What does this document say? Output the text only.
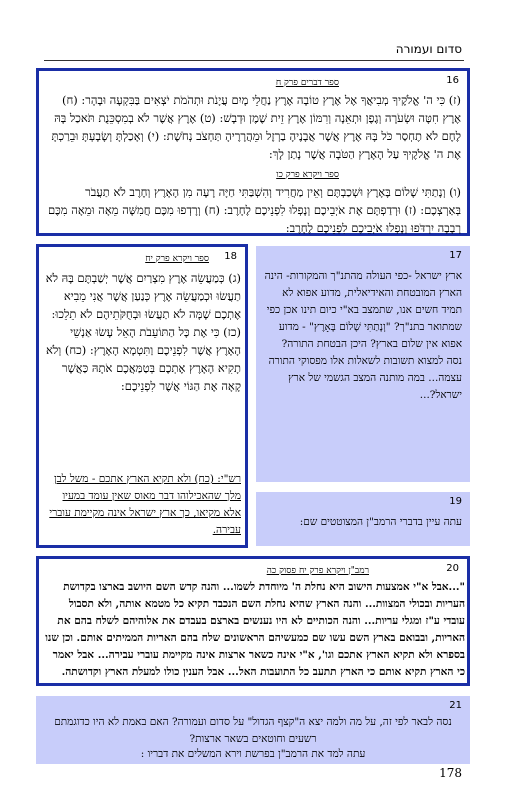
סדום ועמורה
16
ספר דברים פרק ח
(ז) כִּי ה' אֱלֹקֶיךָ מְבִיאֲךָ אֶל אֶרֶץ טוֹבָה אֶרֶץ נַחֲלֵי מָיִם עֲיָנֹת וּתְהֹמֹת יֹצְאִים בַּבִּקְעָה וּבָהָר: (ח) אֶרֶץ חִטָּה וּשְׂעֹרָה וְגֶפֶן וּתְאֵנָה וְרִמּוֹן אֶרֶץ זֵית שֶׁמֶן וּדְבָשׁ: (ט) אֶרֶץ אֲשֶׁר לֹא בְמִסְכֵּנֻת תֹּאכַל בָּהּ לֶחֶם לֹא תֶחְסַר כֹּל בָּהּ אֶרֶץ אֲשֶׁר אֲבָנֶיהָ בַרְזֶל וּמֵהֲרָרֶיהָ תַּחְצֹב נְחֹשֶׁת: (י) וְאָכַלְתָּ וְשָׂבָעְתָּ וּבֵרַכְתָּ אֶת ה' אֱלֹקֶיךָ עַל הָאָרֶץ הַטֹּבָה אֲשֶׁר נָתַן לָךְ:
ספר ויקרא פרק כו
(ו) וְנָתַתִּי שָׁלוֹם בָּאָרֶץ וּשְׁכַבְתֶּם וְאֵין מַחֲרִיד וְהִשְׁבַּתִּי חַיָּה רָעָה מִן הָאָרֶץ וְחֶרֶב לֹא תַעֲבֹר בְּאַרְצְכֶם: (ז) וּרְדַפְתֶּם אֶת אֹיְבֵיכֶם וְנָפְלוּ לִפְנֵיכֶם לֶחָרֶב: (ח) וְרָדְפוּ מִכֶּם חֲמִשָּׁה מֵאָה וּמֵאָה מִכֶּם רְבָבָה יִרְדֹּפוּ וְנָפְלוּ אֹיְבֵיכֶם לִפְנֵיכֶם לֶחָרֶב:
18
ספר ויקרא פרק יח
(ג) כְּמַעֲשֵׂה אֶרֶץ מִצְרַיִם אֲשֶׁר יְשַׁבְתֶּם בָּהּ לֹא תַעֲשׂוּ וּכְמַעֲשֵׂה אֶרֶץ כְּנַעַן אֲשֶׁר אֲנִי מֵבִיא אֶתְכֶם שָׁמָּה לֹא תַעֲשׂוּ וּבְחֻקֹּתֵיהֶם לֹא תֵלֵכוּ: (כז) כִּי אֶת כָּל הַתּוֹעֵבֹת הָאֵל עָשׂוּ אַנְשֵׁי הָאָרֶץ אֲשֶׁר לִפְנֵיכֶם וַתִּטְמָא הָאָרֶץ: (כח) וְלֹא תָקִיא הָאָרֶץ אֶתְכֶם בְּטַמַּאֲכֶם אֹתָהּ כַּאֲשֶׁר קָאָה אֶת הַגּוֹי אֲשֶׁר לִפְנֵיכֶם:
רש"י: (כח) ולא תקיא הארץ אתכם - משל לבן מלך שהאכילוהו דבר מאוס שאין עומד במעיו אלא מקיאו, כך ארץ ישראל אינה מקיימת עוברי עבירה.
17
ארץ ישראל -כפי העולה מהתנ"ך והמקורות- הינה הארץ המובטחת והאידיאלית, מדוע אפוא לא תמיד חשים אנו, שתמצב בא"י כיום תינו אכן כפי שמתואר בתנ"ך? "וְנָתַתִּי שָׁלוֹם בָּאָרֶץ" - מדוע אפוא אין שלום בארץ? היכן הבטחת התורה? נסה למצוא תשובות לשאלות אלו מפסוקי התורה עצמה... במה מותנה המצב הגשמי של ארץ ישראל?...
19
עתה עיין בדברי הרמב"ן המצוטטים שם:
20
רמב"ן ויקרא פרק יח פסוק כה
"...אבל א"י אמצעות הישוב היא נחלת ה' מיוחדת לשמו... והנה קדש השם היושב בארצו בקדושת העריות ובכולי המצוות... והנה הארץ שהיא נחלת השם הנכבד תקיא כל מטמא אותה, ולא תסבול עובדי ע"ז ומגלי עריות... והנה הכותיים לא היו נענשים בארצם בעבדם את אלוהיהם לשלח בהם את האריות, ובבואם בארץ השם עשו שם כמעשיהם הראשונים שלח בהם האריות הממיתים אותם. וכן שנו בספרא ולא תקיא הארץ אתכם וגו', א"י אינה כשאר ארצות אינה מקיימת עוברי עבירה... אבל יאמר כי הארץ תקיא אותם כי הארץ תתעב כל התועבות האל... אבל הענין כולו למעלת הארץ וקדושתה.
21
נסה לבאר לפי זה, על מה ולמה יצא ה"קצף הגדול" על סדום ועמורה? האם באמת לא היו כדוגמתם רשעים וחוטאים בשאר ארצות?
עתה למד את הרמב"ן בפרשת וירא המשלים את דבריו :
178
